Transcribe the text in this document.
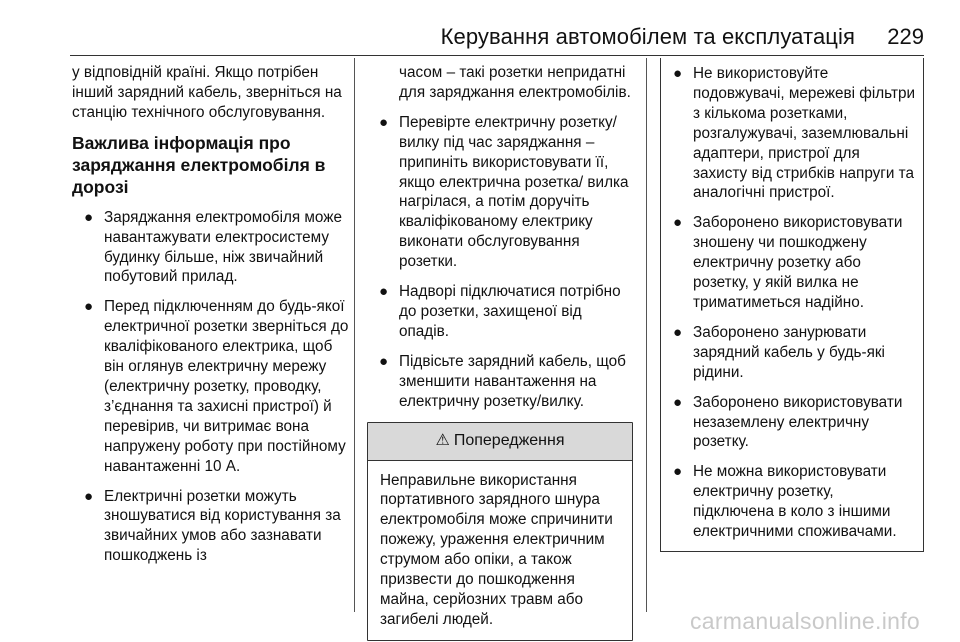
Керування автомобілем та експлуатація 229

у відповідній країні. Якщо потрібен інший зарядний кабель, зверніться на станцію технічного обслуговування.

Важлива інформація про заряджання електромобіля в дорозі
● Заряджання електромобіля може навантажувати електросистему будинку більше, ніж звичайний побутовий прилад.
● Перед підключенням до будь-якої електричної розетки зверніться до кваліфікованого електрика, щоб він оглянув електричну мережу (електричну розетку, проводку, з’єднання та захисні пристрої) й перевірив, чи витримає вона напружену роботу при постійному навантаженні 10 А.
● Електричні розетки можуть зношуватися від користування за звичайних умов або зазнавати пошкоджень із
часом – такі розетки непридатні для заряджання електромобілів.
● Перевірте електричну розетку/ вилку під час заряджання – припиніть використовувати її, якщо електрична розетка/ вилка нагрілася, а потім доручіть кваліфікованому електрику виконати обслуговування розетки.
● Надворі підключатися потрібно до розетки, захищеної від опадів.
● Підвісьте зарядний кабель, щоб зменшити навантаження на електричну розетку/вилку.
⚠ Попередження
Неправильне використання портативного зарядного шнура електромобіля може спричинити пожежу, ураження електричним струмом або опіки, а також призвести до пошкодження майна, серйозних травм або загибелі людей.
● Не використовуйте подовжувачі, мережеві фільтри з кількома розетками, розгалужувачі, заземлювальні адаптери, пристрої для захисту від стрибків напруги та аналогічні пристрої.
● Заборонено використовувати зношену чи пошкоджену електричну розетку або розетку, у якій вилка не триматиметься надійно.
● Заборонено занурювати зарядний кабель у будь-які рідини.
● Заборонено використовувати незаземлену електричну розетку.
● Не можна використовувати електричну розетку, підключена в коло з іншими електричними споживачами.
carmanualsonline.info
